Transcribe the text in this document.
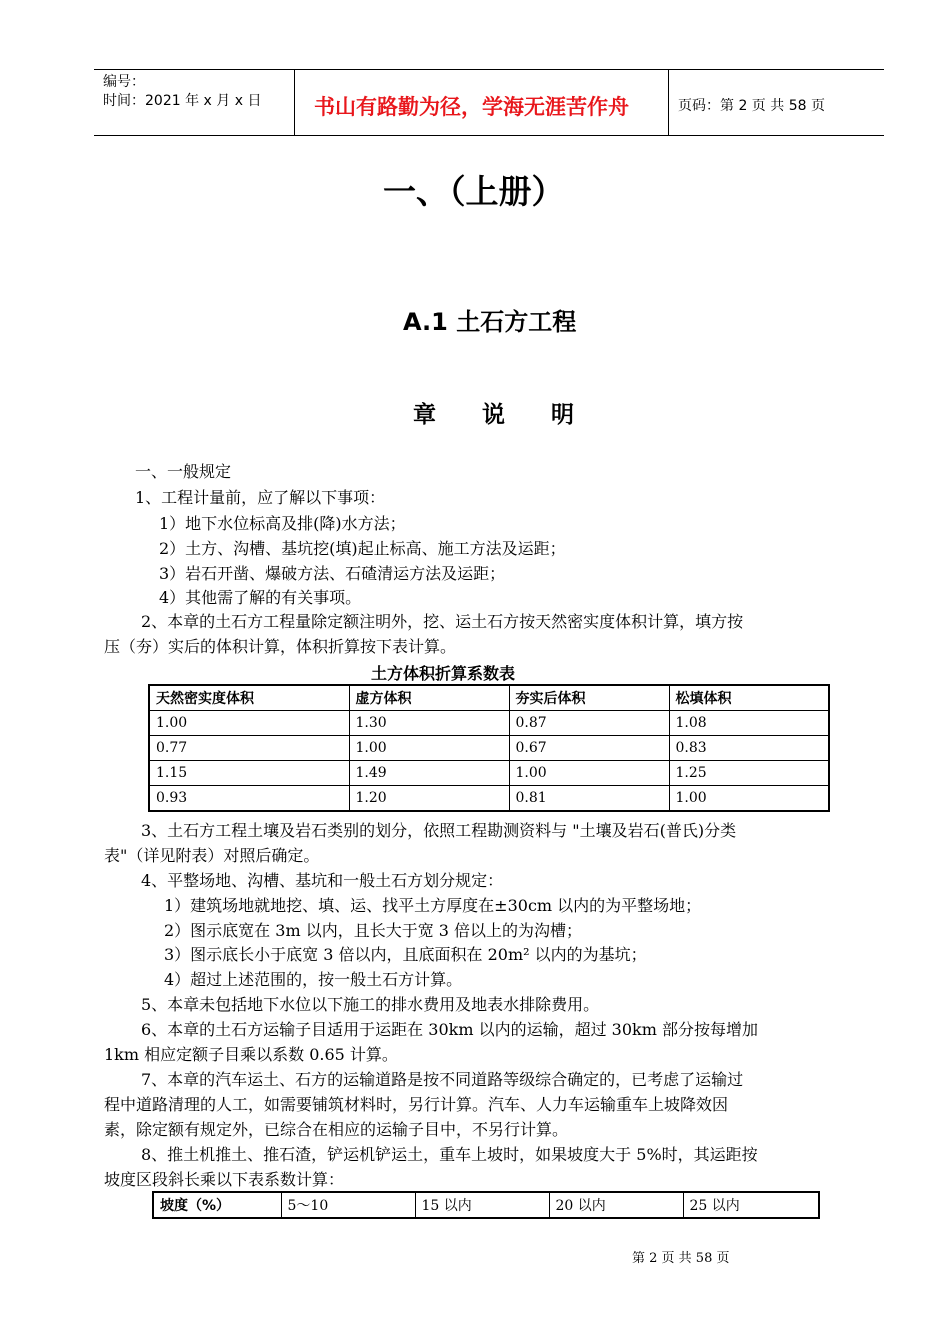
编号：
时间：2021 年 x 月 x 日	书山有路勤为径，学海无涯苦作舟	页码：第 2 页 共 58 页
一、（上册）
A.1 土石方工程
章　　说　　明
一、一般规定
1、工程计量前，应了解以下事项：
1）地下水位标高及排(降)水方法；
2）土方、沟槽、基坑挖(填)起止标高、施工方法及运距；
3）岩石开凿、爆破方法、石碴清运方法及运距；
4）其他需了解的有关事项。
2、本章的土石方工程量除定额注明外，挖、运土石方按天然密实度体积计算，填方按
压（夯）实后的体积计算，体积折算按下表计算。
土方体积折算系数表
天然密实度体积	虚方体积	夯实后体积	松填体积
1.00	1.30	0.87	1.08
0.77	1.00	0.67	0.83
1.15	1.49	1.00	1.25
0.93	1.20	0.81	1.00
3、土石方工程土壤及岩石类别的划分，依照工程勘测资料与 "土壤及岩石(普氏)分类
表"（详见附表）对照后确定。
4、平整场地、沟槽、基坑和一般土石方划分规定：
1）建筑场地就地挖、填、运、找平土方厚度在±30cm 以内的为平整场地；
2）图示底宽在 3m 以内，且长大于宽 3 倍以上的为沟槽；
3）图示底长小于底宽 3 倍以内，且底面积在 20m² 以内的为基坑；
4）超过上述范围的，按一般土石方计算。
5、本章未包括地下水位以下施工的排水费用及地表水排除费用。
6、本章的土石方运输子目适用于运距在 30km 以内的运输，超过 30km 部分按每增加
1km 相应定额子目乘以系数 0.65 计算。
7、本章的汽车运土、石方的运输道路是按不同道路等级综合确定的，已考虑了运输过
程中道路清理的人工，如需要铺筑材料时，另行计算。汽车、人力车运输重车上坡降效因
素，除定额有规定外，已综合在相应的运输子目中，不另行计算。
8、推土机推土、推石渣，铲运机铲运土，重车上坡时，如果坡度大于 5%时，其运距按
坡度区段斜长乘以下表系数计算：
坡度（%）	5～10	15 以内	20 以内	25 以内
第 2 页 共 58 页
